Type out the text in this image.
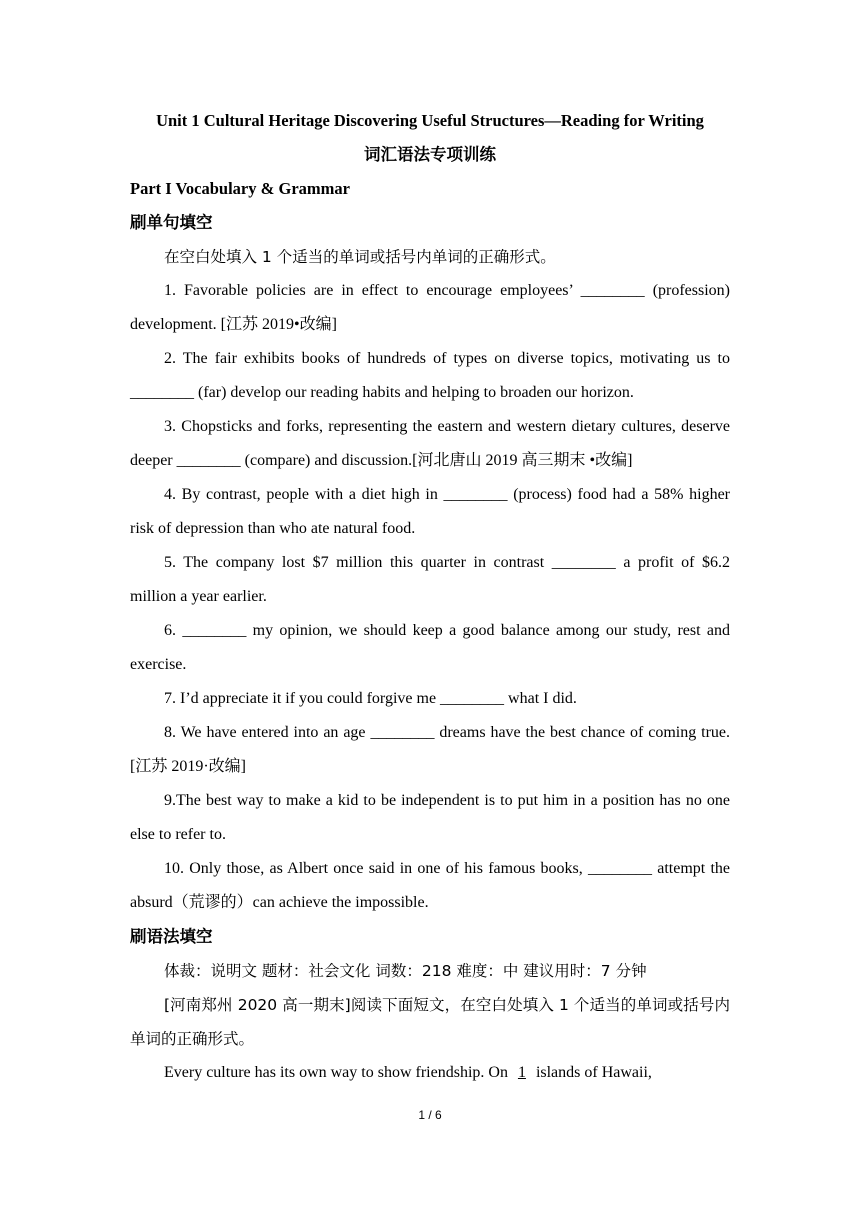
Unit 1 Cultural Heritage Discovering Useful Structures—Reading for Writing
词汇语法专项训练
Part I Vocabulary & Grammar
刷单句填空

在空白处填入 1 个适当的单词或括号内单词的正确形式。

1. Favorable policies are in effect to encourage employees’ ________ (profession) development. [江苏 2019•改编]

2. The fair exhibits books of hundreds of types on diverse topics, motivating us to ________ (far) develop our reading habits and helping to broaden our horizon.

3. Chopsticks and forks, representing the eastern and western dietary cultures, deserve deeper ________ (compare) and discussion.[河北唐山 2019 高三期末 •改编]

4. By contrast, people with a diet high in ________ (process) food had a 58% higher risk of depression than who ate natural food.

5. The company lost $7 million this quarter in contrast ________ a profit of $6.2 million a year earlier.

6. ________ my opinion, we should keep a good balance among our study, rest and exercise.

7. I’d appreciate it if you could forgive me ________ what I did.

8. We have entered into an age ________ dreams have the best chance of coming true. [江苏 2019·改编]

9.The best way to make a kid to be independent is to put him in a position has no one else to refer to.

10. Only those, as Albert once said in one of his famous books, ________ attempt the absurd（荒谬的）can achieve the impossible.

刷语法填空

体裁：说明文 题材：社会文化 词数：218 难度：中 建议用时：7 分钟

[河南郑州 2020 高一期末]阅读下面短文，在空白处填入 1 个适当的单词或括号内单词的正确形式。

Every culture has its own way to show friendship. On 1 islands of Hawaii,

1 / 6
